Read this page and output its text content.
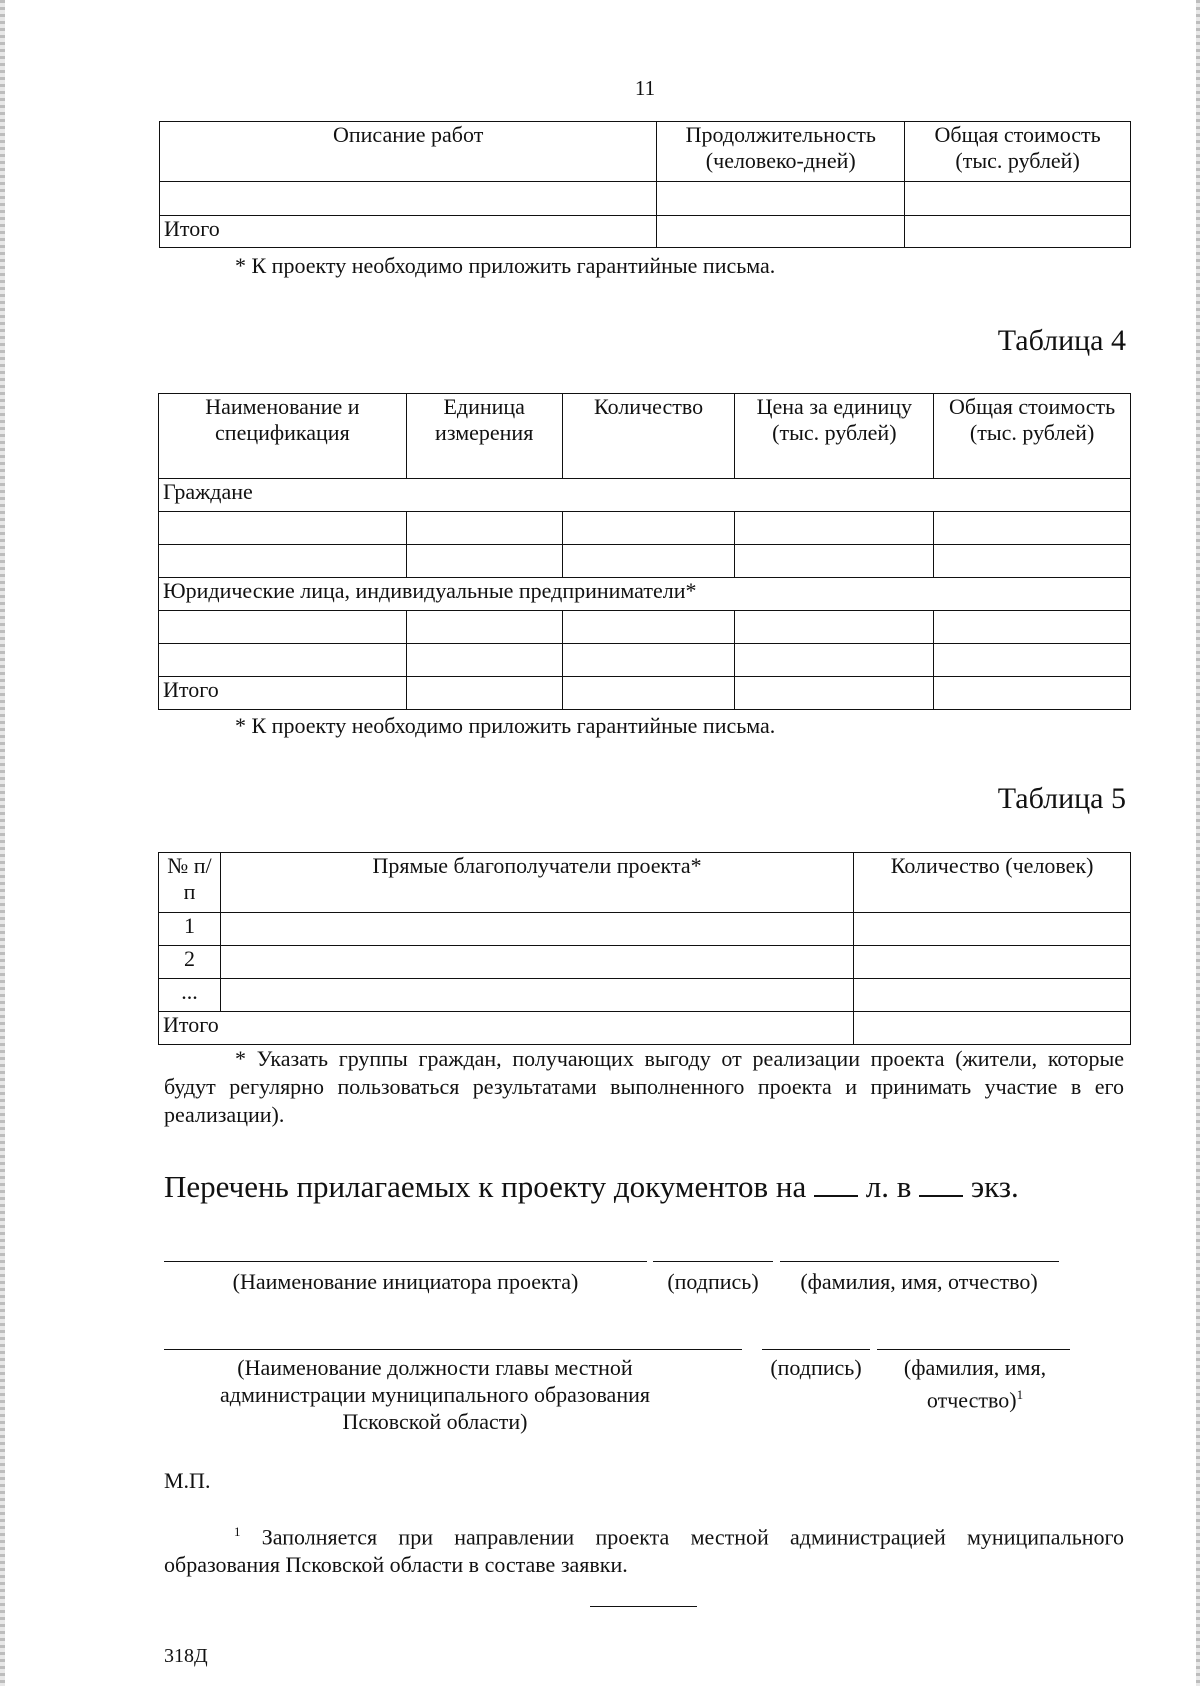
11
Описание работ	Продолжительность (человеко-дней)	Общая стоимость (тыс. рублей)

Итого		
* К проекту необходимо приложить гарантийные письма.
Таблица 4
Наименование и спецификация	Единица измерения	Количество	Цена за единицу (тыс. рублей)	Общая стоимость (тыс. рублей)
Граждане				

Юридические лица, индивидуальные предприниматели*				

Итого				
* К проекту необходимо приложить гарантийные письма.
Таблица 5
№ п/п	Прямые благополучатели проекта*	Количество (человек)
1		
2		
...		
Итого		
* Указать группы граждан, получающих выгоду от реализации проекта (жители, которые будут регулярно пользоваться результатами выполненного проекта и принимать участие в его реализации).
Перечень прилагаемых к проекту документов на л. в экз.
(Наименование инициатора проекта)	(подпись)	(фамилия, имя, отчество)
(Наименование должности главы местной администрации муниципального образования Псковской области)
(подпись)	(фамилия, имя, отчество)$^1$
М.П.
$^1$ Заполняется при направлении проекта местной администрацией муниципального образования Псковской области в составе заявки.
318Д
